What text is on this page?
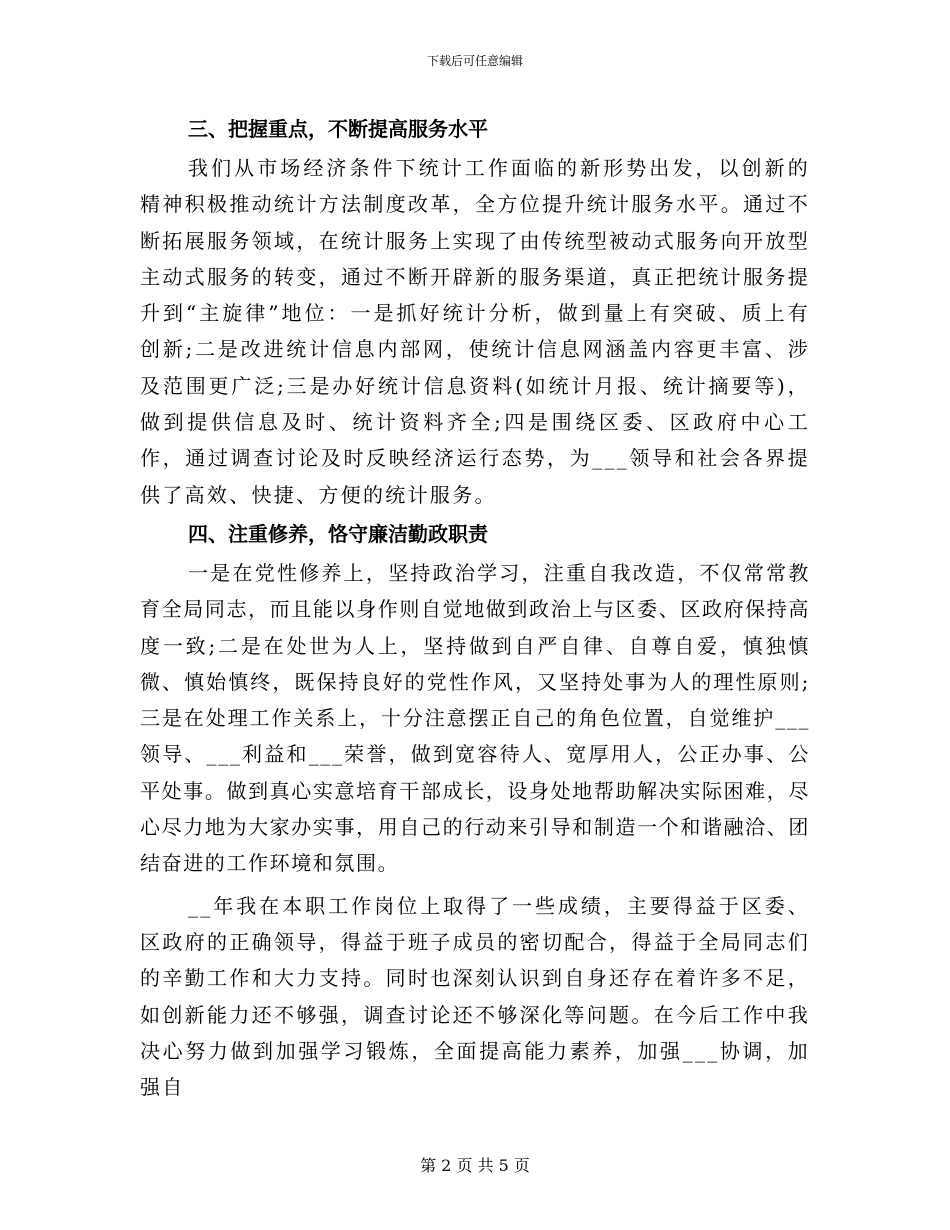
下载后可任意编辑
三、把握重点，不断提高服务水平

我们从市场经济条件下统计工作面临的新形势出发，以创新的精神积极推动统计方法制度改革，全方位提升统计服务水平。通过不断拓展服务领域，在统计服务上实现了由传统型被动式服务向开放型主动式服务的转变，通过不断开辟新的服务渠道，真正把统计服务提升到“主旋律”地位：一是抓好统计分析，做到量上有突破、质上有创新;二是改进统计信息内部网，使统计信息网涵盖内容更丰富、涉及范围更广泛;三是办好统计信息资料(如统计月报、统计摘要等)，做到提供信息及时、统计资料齐全;四是围绕区委、区政府中心工作，通过调查讨论及时反映经济运行态势，为___领导和社会各界提供了高效、快捷、方便的统计服务。

四、注重修养，恪守廉洁勤政职责

一是在党性修养上，坚持政治学习，注重自我改造，不仅常常教育全局同志，而且能以身作则自觉地做到政治上与区委、区政府保持高度一致;二是在处世为人上，坚持做到自严自律、自尊自爱，慎独慎微、慎始慎终，既保持良好的党性作风，又坚持处事为人的理性原则;三是在处理工作关系上，十分注意摆正自己的角色位置，自觉维护___领导、___利益和___荣誉，做到宽容待人、宽厚用人，公正办事、公平处事。做到真心实意培育干部成长，设身处地帮助解决实际困难，尽心尽力地为大家办实事，用自己的行动来引导和制造一个和谐融洽、团结奋进的工作环境和氛围。

__年我在本职工作岗位上取得了一些成绩，主要得益于区委、区政府的正确领导，得益于班子成员的密切配合，得益于全局同志们的辛勤工作和大力支持。同时也深刻认识到自身还存在着许多不足，如创新能力还不够强，调查讨论还不够深化等问题。在今后工作中我决心努力做到加强学习锻炼，全面提高能力素养，加强___协调，加强自

第 2 页 共 5 页
